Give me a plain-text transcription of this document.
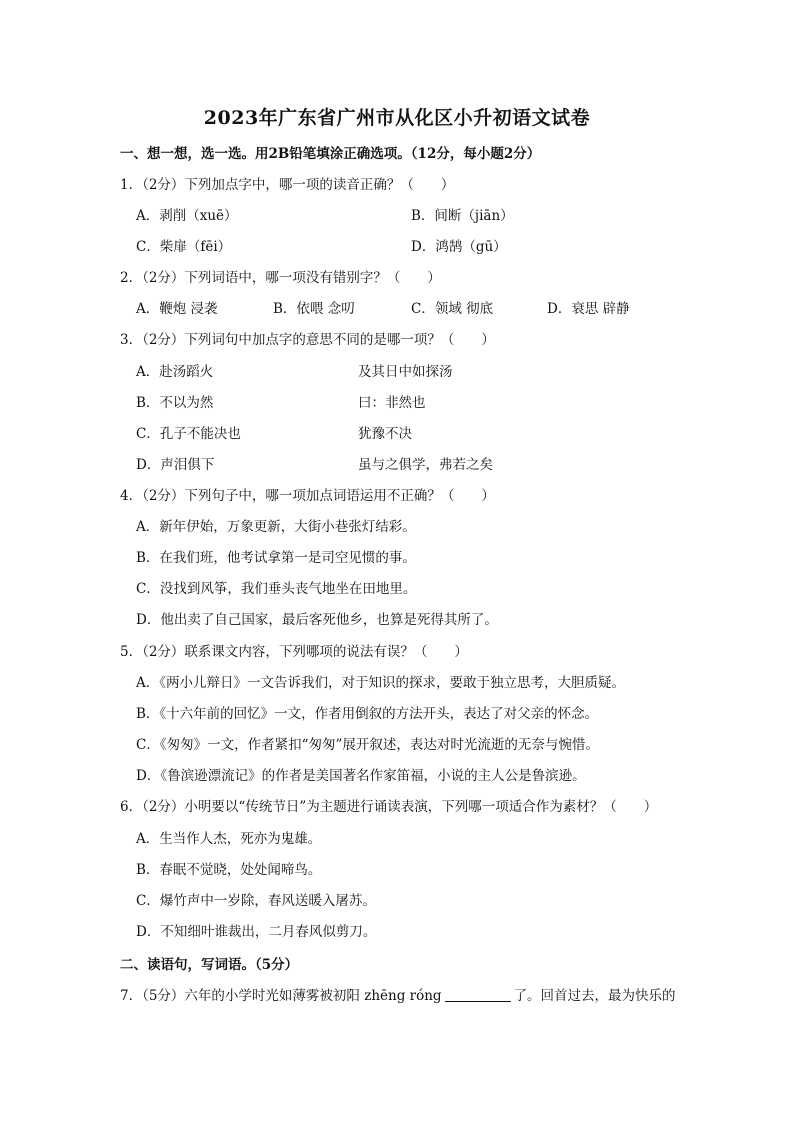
2023年广东省广州市从化区小升初语文试卷
一、想一想，选一选。用2B铅笔填涂正确选项。（12分，每小题2分）
1．（2分）下列加点字中，哪一项的读音正确？（　　）
A．剥削（xuē）	B．间断（jiān）
C．柴扉（fēi）	D．鸿鹄（gū）
2．（2分）下列词语中，哪一项没有错别字？（　　）
A．鞭炮 浸袭	B．依喂 念叨	C．领域 彻底	D．衰思 辟静
3．（2分）下列词句中加点字的意思不同的是哪一项？（　　）
A．赴汤蹈火	及其日中如探汤
B．不以为然	曰：非然也
C．孔子不能决也	犹豫不决
D．声泪俱下	虽与之俱学，弗若之矣
4．（2分）下列句子中，哪一项加点词语运用不正确？（　　）
A．新年伊始，万象更新，大街小巷张灯结彩。
B．在我们班，他考试拿第一是司空见惯的事。
C．没找到风筝，我们垂头丧气地坐在田地里。
D．他出卖了自己国家，最后客死他乡，也算是死得其所了。
5．（2分）联系课文内容，下列哪项的说法有误？（　　）
A．《两小儿辩日》一文告诉我们，对于知识的探求，要敢于独立思考，大胆质疑。
B．《十六年前的回忆》一文，作者用倒叙的方法开头，表达了对父亲的怀念。
C．《匆匆》一文，作者紧扣“匆匆”展开叙述，表达对时光流逝的无奈与惋惜。
D．《鲁滨逊漂流记》的作者是美国著名作家笛福，小说的主人公是鲁滨逊。
6．（2分）小明要以“传统节日”为主题进行诵读表演，下列哪一项适合作为素材？（　　）
A．生当作人杰，死亦为鬼雄。
B．春眠不觉晓，处处闻啼鸟。
C．爆竹声中一岁除，春风送暖入屠苏。
D．不知细叶谁裁出，二月春风似剪刀。
二、读语句，写词语。（5分）
7．（5分）六年的小学时光如薄雾被初阳 zhēng róng	了。回首过去，最为快乐的
